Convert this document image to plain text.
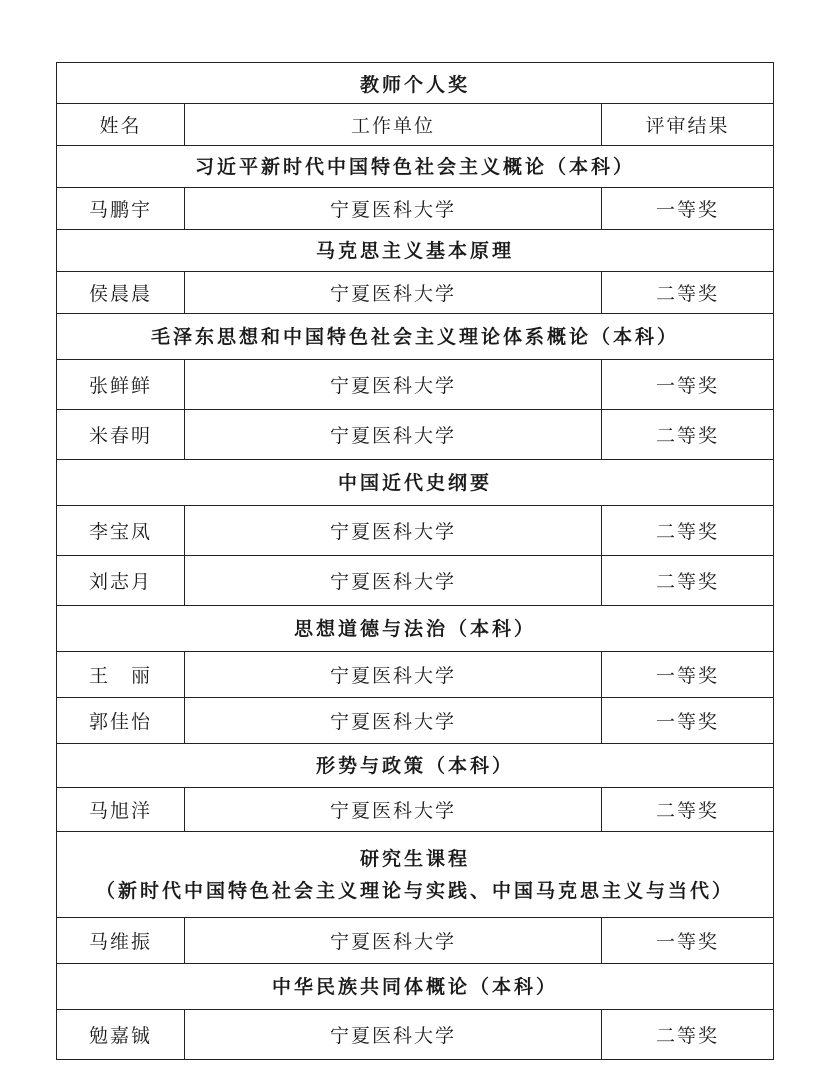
教师个人奖		
姓名	工作单位	评审结果

习近平新时代中国特色社会主义概论（本科）		

马鹏宇	宁夏医科大学	一等奖

马克思主义基本原理		

侯晨晨	宁夏医科大学	二等奖

毛泽东思想和中国特色社会主义理论体系概论（本科）		

张鲜鲜	宁夏医科大学	一等奖
米春明	宁夏医科大学	二等奖

中国近代史纲要		

李宝凤	宁夏医科大学	二等奖
刘志月	宁夏医科大学	二等奖

思想道德与法治（本科）		

王　丽	宁夏医科大学	一等奖
郭佳怡	宁夏医科大学	一等奖

形势与政策（本科）		

马旭洋	宁夏医科大学	二等奖

研究生课程
（新时代中国特色社会主义理论与实践、中国马克思主义与当代）		

马维振	宁夏医科大学	一等奖

中华民族共同体概论（本科）		

勉嘉铖	宁夏医科大学	二等奖
